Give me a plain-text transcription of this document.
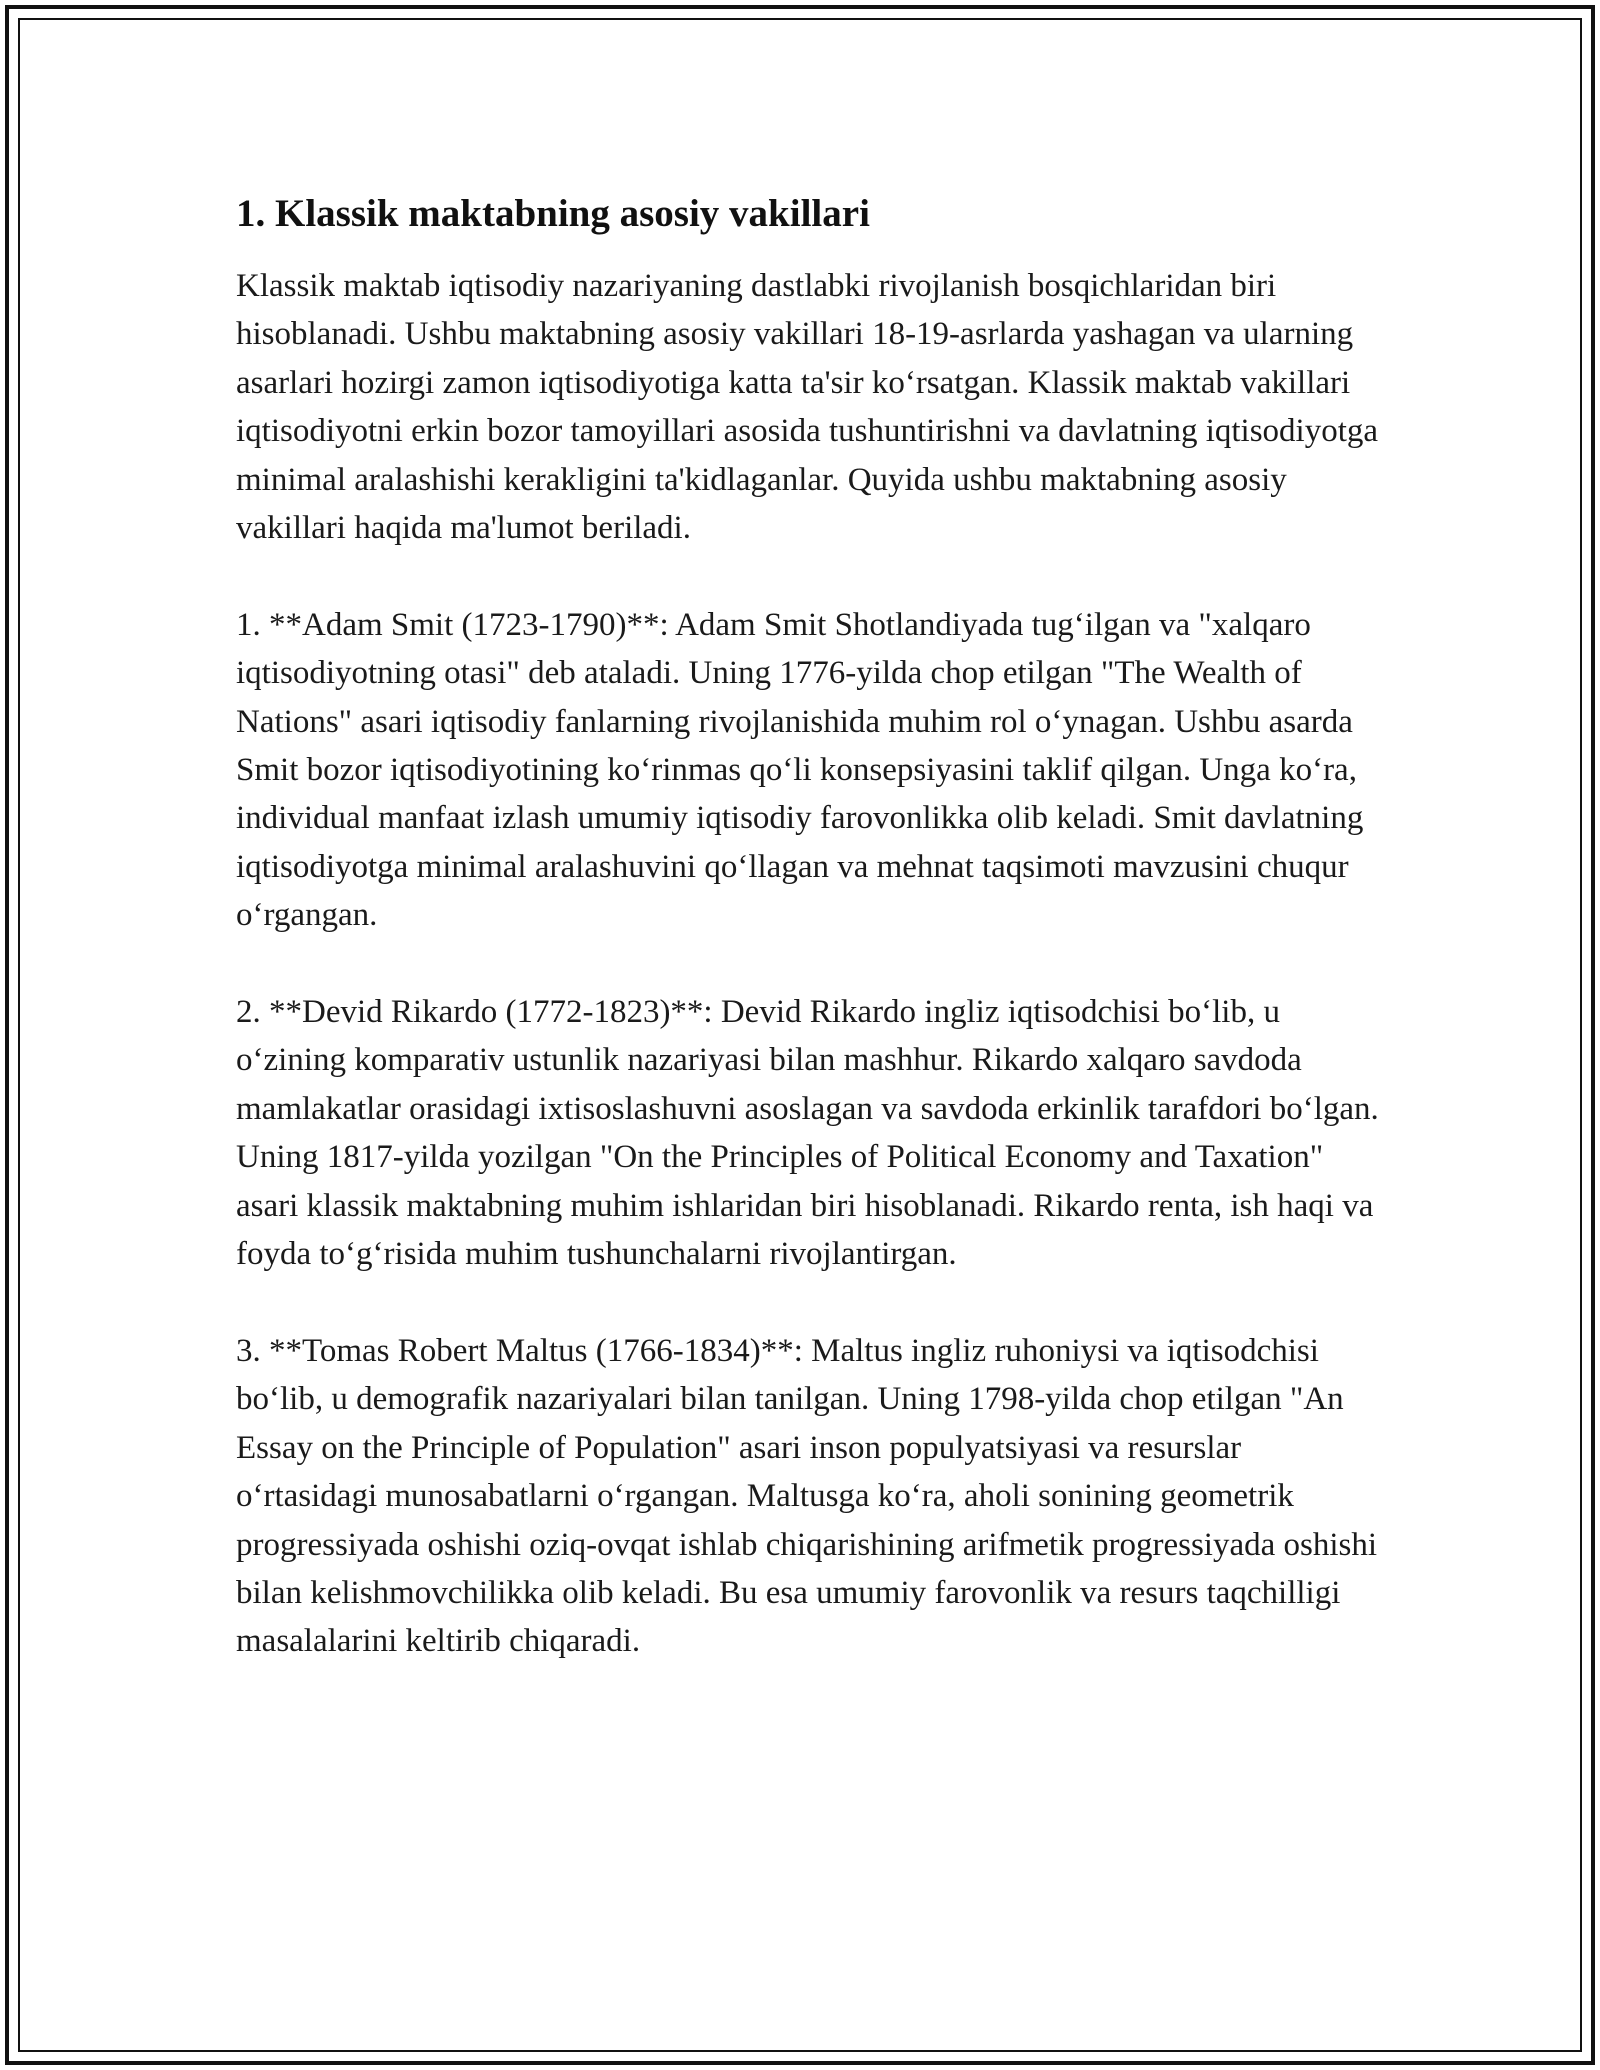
1. Klassik maktabning asosiy vakillari

Klassik maktab iqtisodiy nazariyaning dastlabki rivojlanish bosqichlaridan biri hisoblanadi. Ushbu maktabning asosiy vakillari 18-19-asrlarda yashagan va ularning asarlari hozirgi zamon iqtisodiyotiga katta ta'sir ko‘rsatgan. Klassik maktab vakillari iqtisodiyotni erkin bozor tamoyillari asosida tushuntirishni va davlatning iqtisodiyotga minimal aralashishi kerakligini ta'kidlaganlar. Quyida ushbu maktabning asosiy vakillari haqida ma'lumot beriladi.

1. **Adam Smit (1723-1790)**: Adam Smit Shotlandiyada tug‘ilgan va "xalqaro iqtisodiyotning otasi" deb ataladi. Uning 1776-yilda chop etilgan "The Wealth of Nations" asari iqtisodiy fanlarning rivojlanishida muhim rol o‘ynagan. Ushbu asarda Smit bozor iqtisodiyotining ko‘rinmas qo‘li konsepsiyasini taklif qilgan. Unga ko‘ra, individual manfaat izlash umumiy iqtisodiy farovonlikka olib keladi. Smit davlatning iqtisodiyotga minimal aralashuvini qo‘llagan va mehnat taqsimoti mavzusini chuqur o‘rgangan.

2. **Devid Rikardo (1772-1823)**: Devid Rikardo ingliz iqtisodchisi bo‘lib, u o‘zining komparativ ustunlik nazariyasi bilan mashhur. Rikardo xalqaro savdoda mamlakatlar orasidagi ixtisoslashuvni asoslagan va savdoda erkinlik tarafdori bo‘lgan. Uning 1817-yilda yozilgan "On the Principles of Political Economy and Taxation" asari klassik maktabning muhim ishlaridan biri hisoblanadi. Rikardo renta, ish haqi va foyda to‘g‘risida muhim tushunchalarni rivojlantirgan.

3. **Tomas Robert Maltus (1766-1834)**: Maltus ingliz ruhoniysi va iqtisodchisi bo‘lib, u demografik nazariyalari bilan tanilgan. Uning 1798-yilda chop etilgan "An Essay on the Principle of Population" asari inson populyatsiyasi va resurslar o‘rtasidagi munosabatlarni o‘rgangan. Maltusga ko‘ra, aholi sonining geometrik progressiyada oshishi oziq-ovqat ishlab chiqarishining arifmetik progressiyada oshishi bilan kelishmovchilikka olib keladi. Bu esa umumiy farovonlik va resurs taqchilligi masalalarini keltirib chiqaradi.
